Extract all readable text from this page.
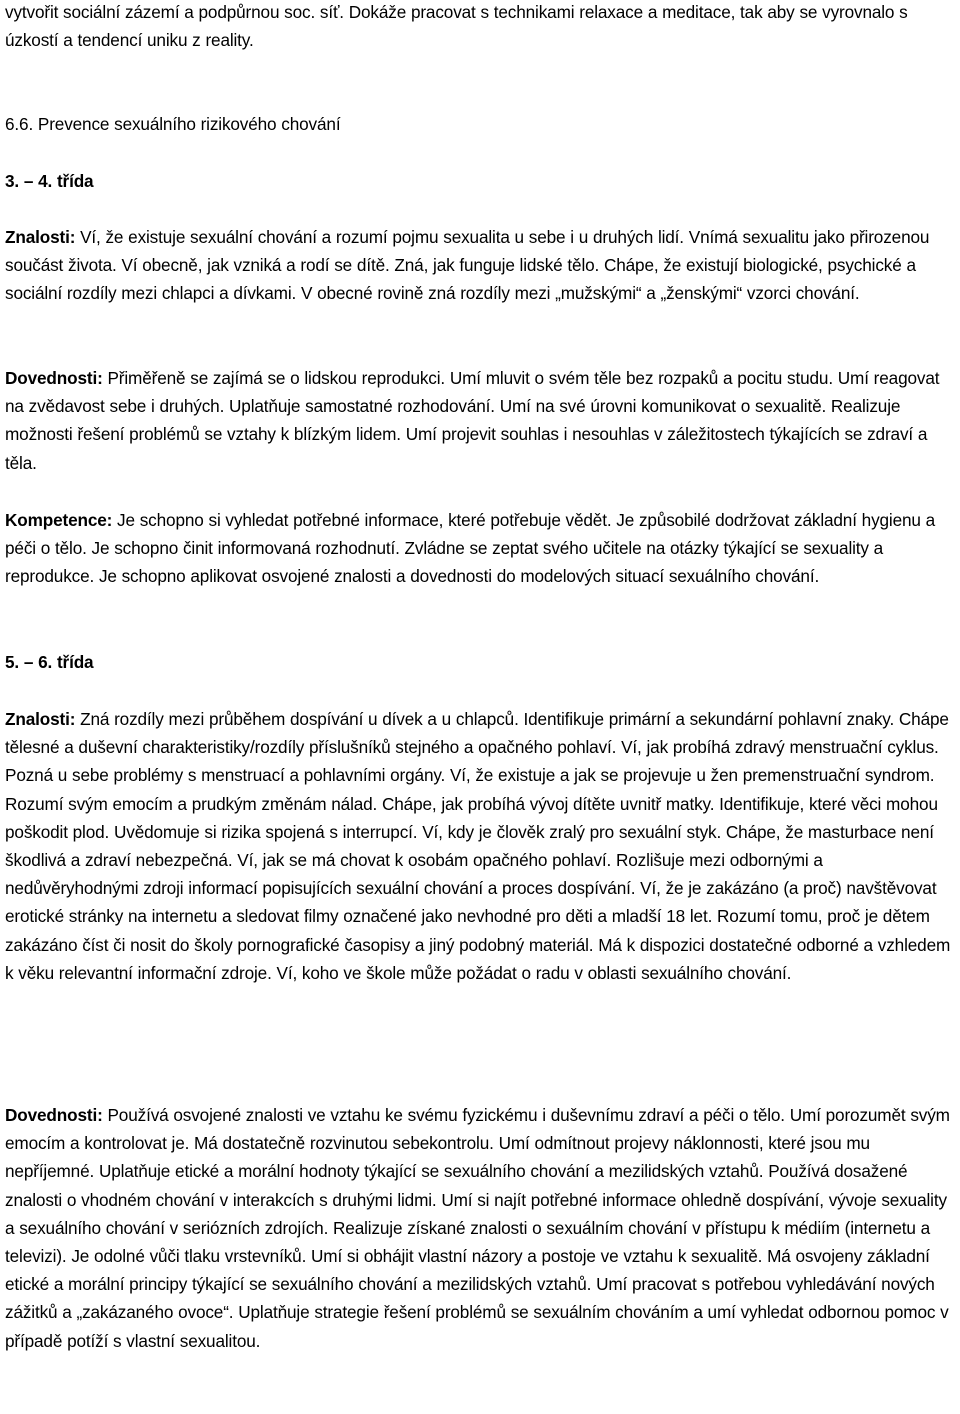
vytvořit sociální zázemí a podpůrnou soc. síť. Dokáže pracovat s technikami relaxace a meditace, tak aby se vyrovnalo s úzkostí a tendencí uniku z reality.

6.6. Prevence sexuálního rizikového chování

3. – 4. třída

Znalosti: Ví, že existuje sexuální chování a rozumí pojmu sexualita u sebe i u druhých lidí. Vnímá sexualitu jako přirozenou součást života. Ví obecně, jak vzniká a rodí se dítě. Zná, jak funguje lidské tělo. Chápe, že existují biologické, psychické a sociální rozdíly mezi chlapci a dívkami. V obecné rovině zná rozdíly mezi „mužskými“ a „ženskými“ vzorci chování.

Dovednosti: Přiměřeně se zajímá se o lidskou reprodukci. Umí mluvit o svém těle bez rozpaků a pocitu studu. Umí reagovat na zvědavost sebe i druhých. Uplatňuje samostatné rozhodování. Umí na své úrovni komunikovat o sexualitě. Realizuje možnosti řešení problémů se vztahy k blízkým lidem. Umí projevit souhlas i nesouhlas v záležitostech týkajících se zdraví a těla.

Kompetence: Je schopno si vyhledat potřebné informace, které potřebuje vědět. Je způsobilé dodržovat základní hygienu a péči o tělo. Je schopno činit informovaná rozhodnutí. Zvládne se zeptat svého učitele na otázky týkající se sexuality a reprodukce. Je schopno aplikovat osvojené znalosti a dovednosti do modelových situací sexuálního chování.

5. – 6. třída

Znalosti: Zná rozdíly mezi průběhem dospívání u dívek a u chlapců. Identifikuje primární a sekundární pohlavní znaky. Chápe tělesné a duševní charakteristiky/rozdíly příslušníků stejného a opačného pohlaví. Ví, jak probíhá zdravý menstruační cyklus. Pozná u sebe problémy s menstruací a pohlavními orgány. Ví, že existuje a jak se projevuje u žen premenstruační syndrom. Rozumí svým emocím a prudkým změnám nálad. Chápe, jak probíhá vývoj dítěte uvnitř matky. Identifikuje, které věci mohou poškodit plod. Uvědomuje si rizika spojená s interrupcí. Ví, kdy je člověk zralý pro sexuální styk. Chápe, že masturbace není škodlivá a zdraví nebezpečná. Ví, jak se má chovat k osobám opačného pohlaví. Rozlišuje mezi odbornými a nedůvěryhodnými zdroji informací popisujících sexuální chování a proces dospívání. Ví, že je zakázáno (a proč) navštěvovat erotické stránky na internetu a sledovat filmy označené jako nevhodné pro děti a mladší 18 let. Rozumí tomu, proč je dětem zakázáno číst či nosit do školy pornografické časopisy a jiný podobný materiál. Má k dispozici dostatečné odborné a vzhledem k věku relevantní informační zdroje. Ví, koho ve škole může požádat o radu v oblasti sexuálního chování.

Dovednosti: Používá osvojené znalosti ve vztahu ke svému fyzickému i duševnímu zdraví a péči o tělo. Umí porozumět svým emocím a kontrolovat je. Má dostatečně rozvinutou sebekontrolu. Umí odmítnout projevy náklonnosti, které jsou mu nepříjemné. Uplatňuje etické a morální hodnoty týkající se sexuálního chování a mezilidských vztahů. Používá dosažené znalosti o vhodném chování v interakcích s druhými lidmi. Umí si najít potřebné informace ohledně dospívání, vývoje sexuality a sexuálního chování v seriózních zdrojích. Realizuje získané znalosti o sexuálním chování v přístupu k médiím (internetu a televizi). Je odolné vůči tlaku vrstevníků. Umí si obhájit vlastní názory a postoje ve vztahu k sexualitě. Má osvojeny základní etické a morální principy týkající se sexuálního chování a mezilidských vztahů. Umí pracovat s potřebou vyhledávání nových zážitků a „zakázaného ovoce“. Uplatňuje strategie řešení problémů se sexuálním chováním a umí vyhledat odbornou pomoc v případě potíží s vlastní sexualitou.
